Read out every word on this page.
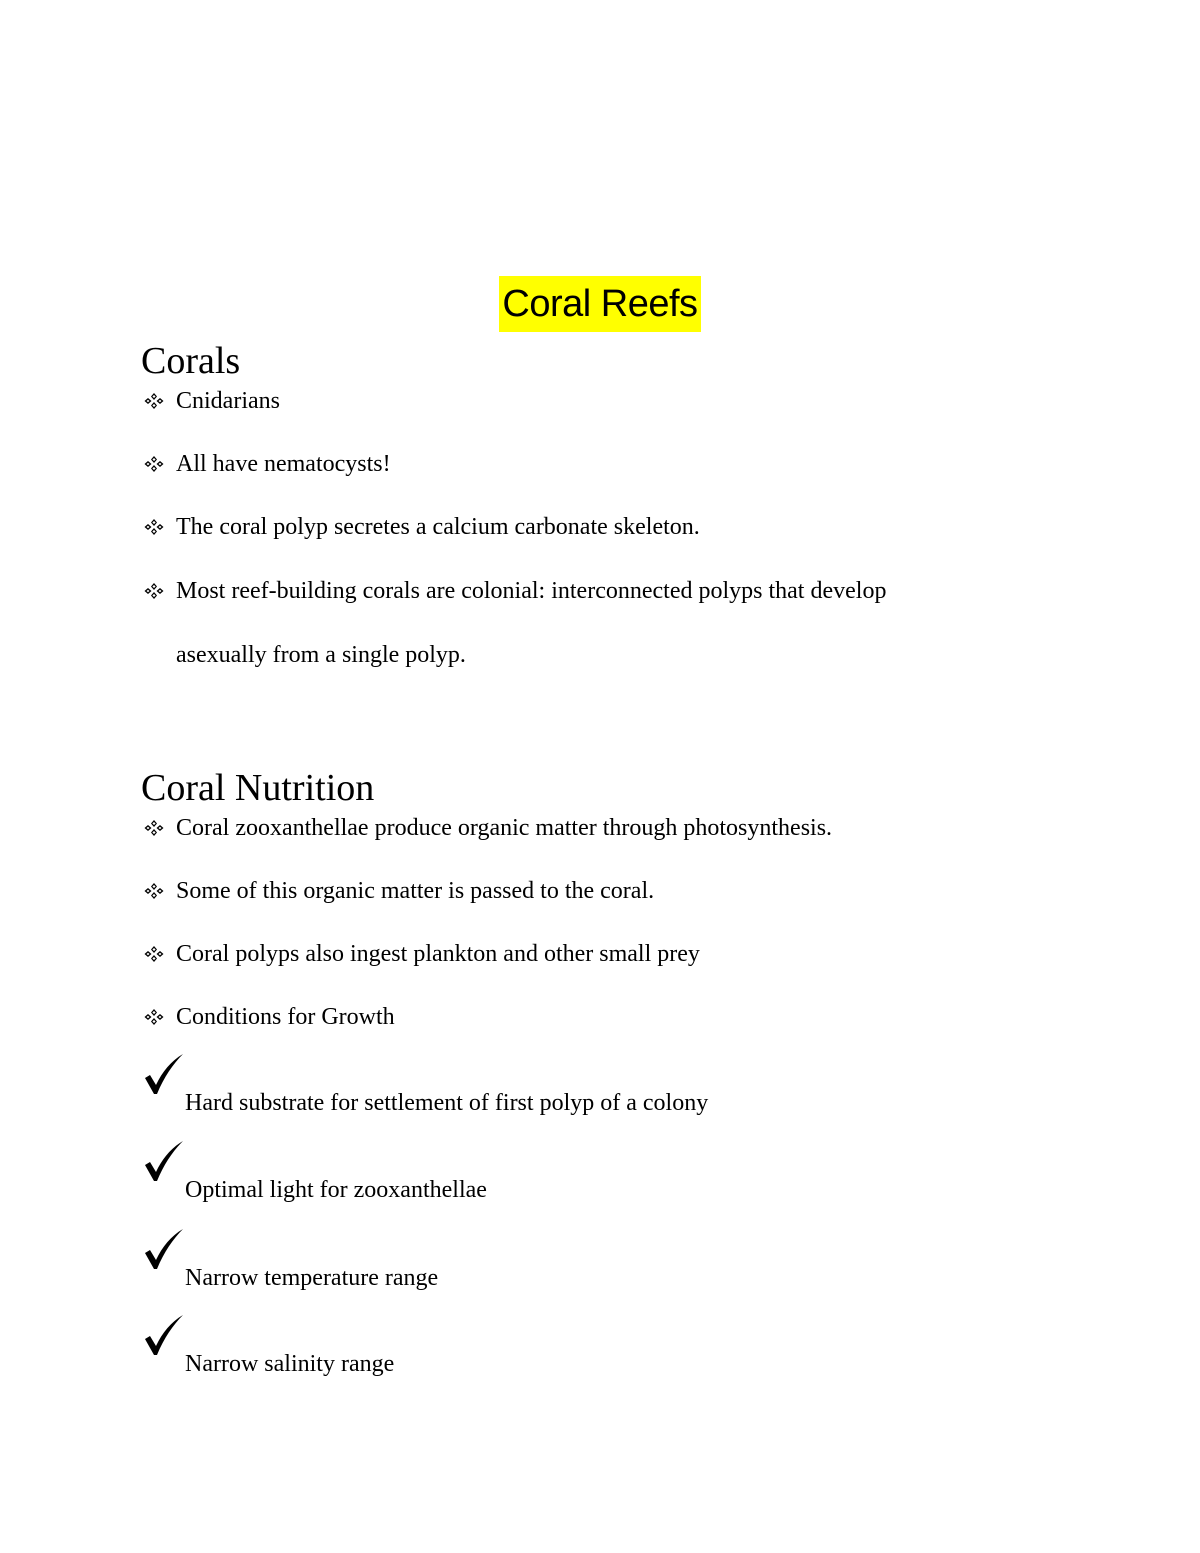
Coral Reefs
Corals
Cnidarians
All have nematocysts!
The coral polyp secretes a calcium carbonate skeleton.
Most reef-building corals are colonial: interconnected polyps that develop
asexually from a single polyp.
Coral Nutrition
Coral zooxanthellae produce organic matter through photosynthesis.
Some of this organic matter is passed to the coral.
Coral polyps also ingest plankton and other small prey
Conditions for Growth
Hard substrate for settlement of first polyp of a colony
Optimal light for zooxanthellae
Narrow temperature range
Narrow salinity range
